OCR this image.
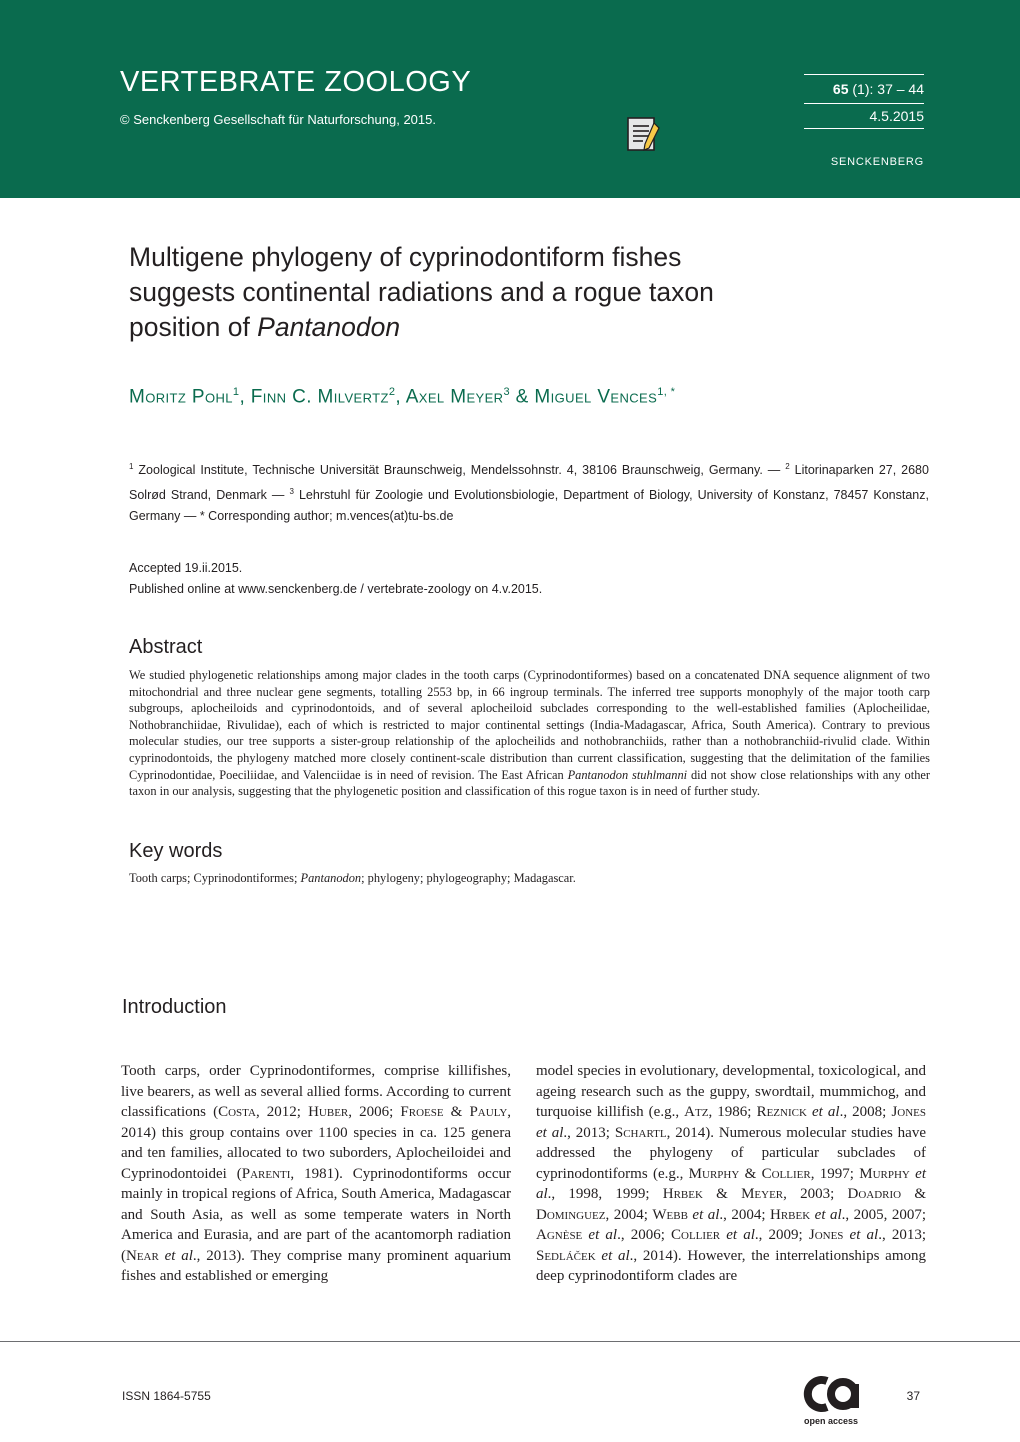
VERTEBRATE ZOOLOGY
© Senckenberg Gesellschaft für Naturforschung, 2015.
65 (1): 37 – 44
4.5.2015
SENCKENBERG
Multigene phylogeny of cyprinodontiform fishes
suggests continental radiations and a rogue taxon
position of Pantanodon
Moritz Pohl$^1$, Finn C. Milvertz$^2$, Axel Meyer$^3$ & Miguel Vences$^{1, *}$
$^1$ Zoological Institute, Technische Universität Braunschweig, Mendelssohnstr. 4, 38106 Braunschweig, Germany. — $^2$ Litorinaparken 27, 2680 Solrød Strand, Denmark — $^3$ Lehrstuhl für Zoologie und Evolutionsbiologie, Department of Biology, University of Konstanz, 78457 Konstanz, Germany — * Corresponding author; m.vences(at)tu-bs.de
Accepted 19.ii.2015.
Published online at www.senckenberg.de / vertebrate-zoology on 4.v.2015.
Abstract
We studied phylogenetic relationships among major clades in the tooth carps (Cyprinodontiformes) based on a concatenated DNA sequence alignment of two mitochondrial and three nuclear gene segments, totalling 2553 bp, in 66 ingroup terminals. The inferred tree supports monophyly of the major tooth carp subgroups, aplocheiloids and cyprinodontoids, and of several aplocheiloid subclades corresponding to the well-established families (Aplocheilidae, Nothobranchiidae, Rivulidae), each of which is restricted to major continental settings (India-Madagascar, Africa, South America). Contrary to previous molecular studies, our tree supports a sister-group relationship of the aplocheilids and nothobranchiids, rather than a nothobranchiid-rivulid clade. Within cyprinodontoids, the phylogeny matched more closely continent-scale distribution than current classification, suggesting that the delimitation of the families Cyprinodontidae, Poeciliidae, and Valenciidae is in need of revision. The East African Pantanodon stuhlmanni did not show close relationships with any other taxon in our analysis, suggesting that the phylogenetic position and classification of this rogue taxon is in need of further study.
Key words
Tooth carps; Cyprinodontiformes; Pantanodon; phylogeny; phylogeography; Madagascar.
Introduction
Tooth carps, order Cyprinodontiformes, comprise killifishes, live bearers, as well as several allied forms. According to current classifications (Costa, 2012; Huber, 2006; Froese & Pauly, 2014) this group contains over 1100 species in ca. 125 genera and ten families, allocated to two suborders, Aplocheiloidei and Cyprinodontoidei (Parenti, 1981). Cyprinodontiforms occur mainly in tropical regions of Africa, South America, Madagascar and South Asia, as well as some temperate waters in North America and Eurasia, and are part of the acantomorph radiation (Near et al., 2013). They comprise many prominent aquarium fishes and established or emerging
model species in evolutionary, developmental, toxicological, and ageing research such as the guppy, swordtail, mummichog, and turquoise killifish (e.g., Atz, 1986; Reznick et al., 2008; Jones et al., 2013; Schartl, 2014). Numerous molecular studies have addressed the phylogeny of particular subclades of cyprinodontiforms (e.g., Murphy & Collier, 1997; Murphy et al., 1998, 1999; Hrbek & Meyer, 2003; Doadrio & Dominguez, 2004; Webb et al., 2004; Hrbek et al., 2005, 2007; Agnèse et al., 2006; Collier et al., 2009; Jones et al., 2013; Sedláček et al., 2014). However, the interrelationships among deep cyprinodontiform clades are
ISSN 1864-5755
open access
37
